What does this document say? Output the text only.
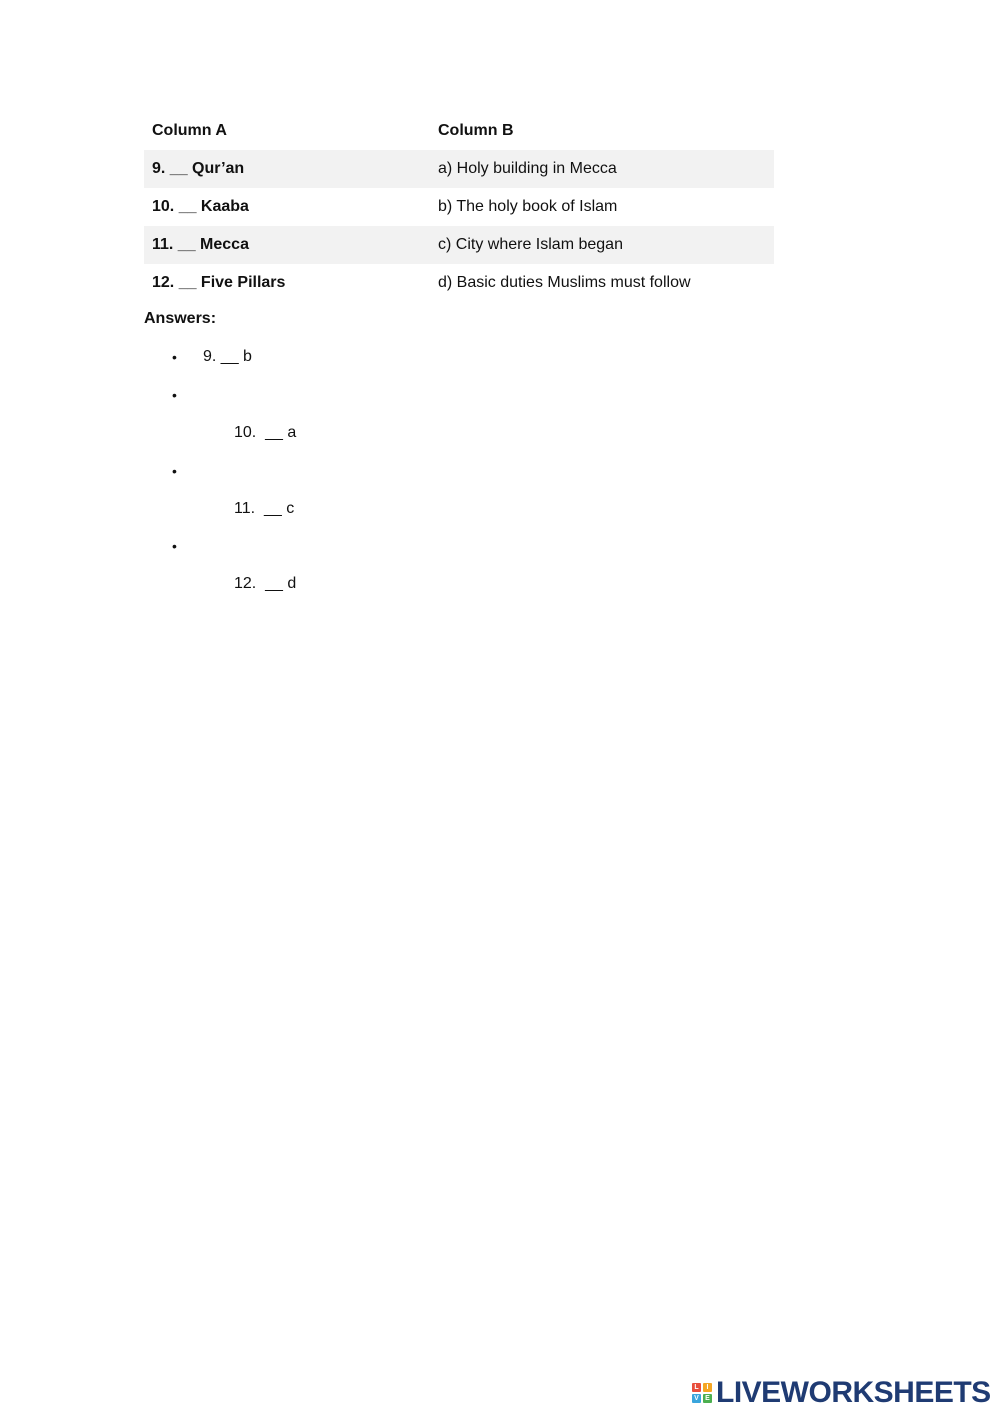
Column A	Column B
9. __ Qur’an	a) Holy building in Mecca
10. __ Kaaba	b) The holy book of Islam
11. __ Mecca	c) City where Islam began
12. __ Five Pillars	d) Basic duties Muslims must follow
Answers:
• 9. __ b
•
10.  __ a
•
11.  __ c
•
12.  __ d
L	I
V E LIVEWORKSHEETS
